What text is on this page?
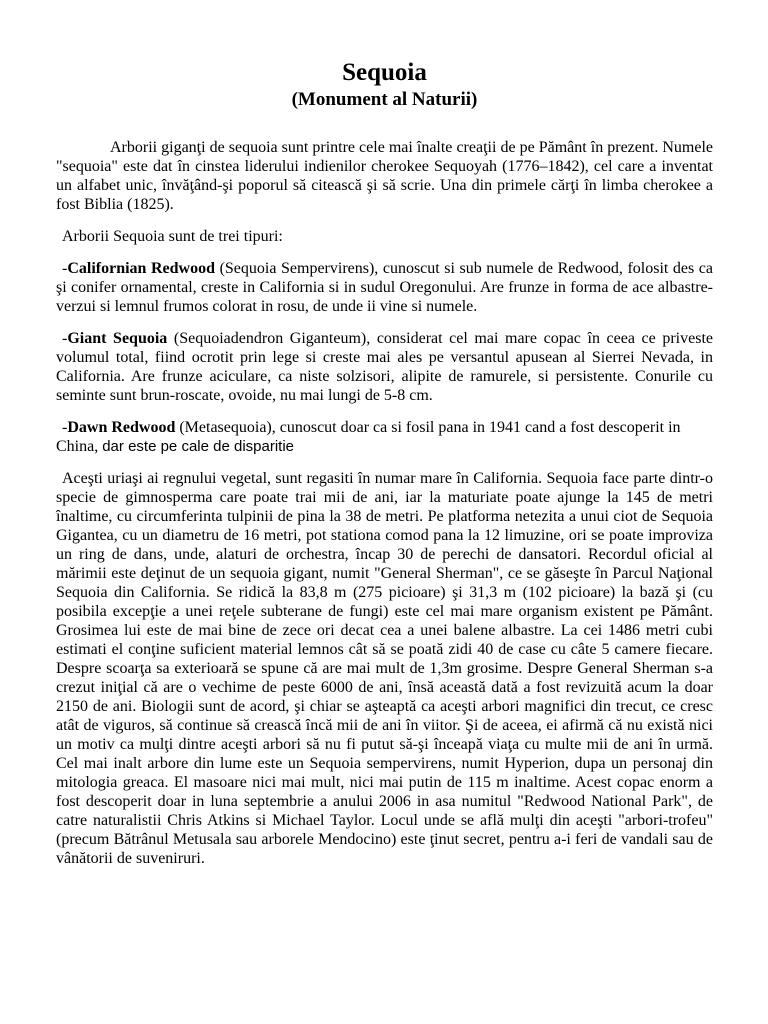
Sequoia
(Monument al Naturii)

Arborii giganţi de sequoia sunt printre cele mai înalte creaţii de pe Pământ în prezent. Numele "sequoia" este dat în cinstea liderului indienilor cherokee Sequoyah (1776–1842), cel care a inventat un alfabet unic, învăţând-şi poporul să citească şi să scrie. Una din primele cărţi în limba cherokee a fost Biblia (1825).

Arborii Sequoia sunt de trei tipuri:

-Californian Redwood (Sequoia Sempervirens), cunoscut si sub numele de Redwood, folosit des ca şi conifer ornamental, creste in California si in sudul Oregonului. Are frunze in forma de ace albastre-verzui si lemnul frumos colorat in rosu, de unde ii vine si numele.

-Giant Sequoia (Sequoiadendron Giganteum), considerat cel mai mare copac în ceea ce priveste volumul total, fiind ocrotit prin lege si creste mai ales pe versantul apusean al Sierrei Nevada, in California. Are frunze aciculare, ca niste solzisori, alipite de ramurele, si persistente. Conurile cu seminte sunt brun-roscate, ovoide, nu mai lungi de 5-8 cm.

-Dawn Redwood (Metasequoia), cunoscut doar ca si fosil pana in 1941 cand a fost descoperit in China, dar este pe cale de disparitie

Aceşti uriaşi ai regnului vegetal, sunt regasiti în numar mare în California. Sequoia face parte dintr-o specie de gimnosperma care poate trai mii de ani, iar la maturiate poate ajunge la 145 de metri înaltime, cu circumferinta tulpinii de pina la 38 de metri. Pe platforma netezita a unui ciot de Sequoia Gigantea, cu un diametru de 16 metri, pot stationa comod pana la 12 limuzine, ori se poate improviza un ring de dans, unde, alaturi de orchestra, încap 30 de perechi de dansatori. Recordul oficial al mărimii este deţinut de un sequoia gigant, numit "General Sherman", ce se găseşte în Parcul Naţional Sequoia din California. Se ridică la 83,8 m (275 picioare) şi 31,3 m (102 picioare) la bază şi (cu posibila excepţie a unei reţele subterane de fungi) este cel mai mare organism existent pe Pământ. Grosimea lui este de mai bine de zece ori decat cea a unei balene albastre. La cei 1486 metri cubi estimati el conţine suficient material lemnos cât să se poată zidi 40 de case cu câte 5 camere fiecare. Despre scoarţa sa exterioară se spune că are mai mult de 1,3m grosime. Despre General Sherman s-a crezut iniţial că are o vechime de peste 6000 de ani, însă această dată a fost revizuită acum la doar 2150 de ani. Biologii sunt de acord, şi chiar se aşteaptă ca aceşti arbori magnifici din trecut, ce cresc atât de viguros, să continue să crească încă mii de ani în viitor. Şi de aceea, ei afirmă că nu există nici un motiv ca mulţi dintre aceşti arbori să nu fi putut să-şi înceapă viaţa cu multe mii de ani în urmă. Cel mai inalt arbore din lume este un Sequoia sempervirens, numit Hyperion, dupa un personaj din mitologia greaca. El masoare nici mai mult, nici mai putin de 115 m inaltime. Acest copac enorm a fost descoperit doar in luna septembrie a anului 2006 in asa numitul "Redwood National Park", de catre naturalistii Chris Atkins si Michael Taylor. Locul unde se află mulţi din aceşti "arbori-trofeu" (precum Bătrânul Metusala sau arborele Mendocino) este ţinut secret, pentru a-i feri de vandali sau de vânătorii de suveniruri.
